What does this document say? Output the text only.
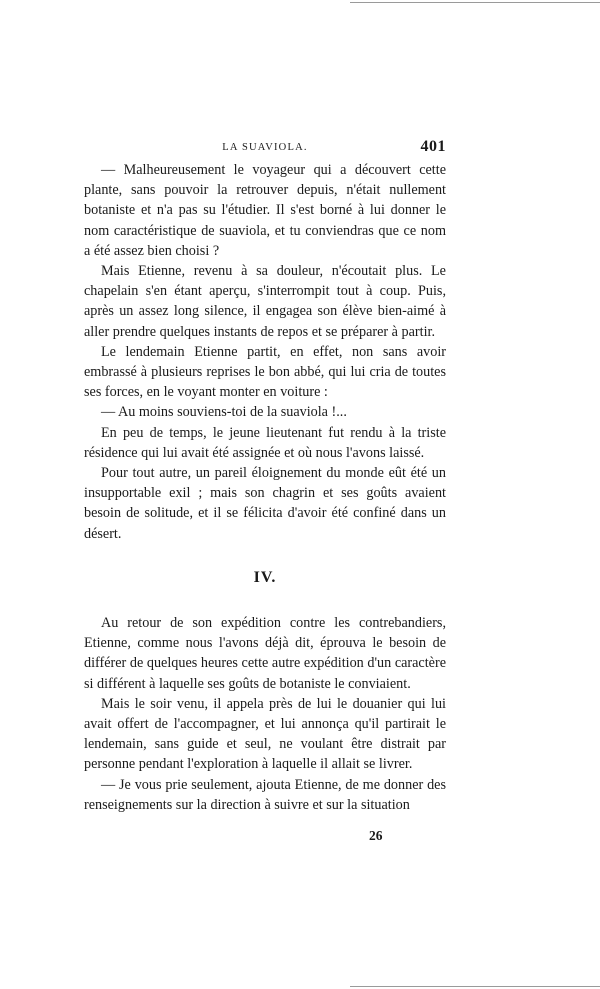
LA SUAVIOLA.	401

— Malheureusement le voyageur qui a découvert cette plante, sans pouvoir la retrouver depuis, n'était nullement botaniste et n'a pas su l'étudier. Il s'est borné à lui donner le nom caractéristique de suaviola, et tu conviendras que ce nom a été assez bien choisi ?

Mais Etienne, revenu à sa douleur, n'écoutait plus. Le chapelain s'en étant aperçu, s'interrompit tout à coup. Puis, après un assez long silence, il engagea son élève bien-aimé à aller prendre quelques instants de repos et se préparer à partir.

Le lendemain Etienne partit, en effet, non sans avoir embrassé à plusieurs reprises le bon abbé, qui lui cria de toutes ses forces, en le voyant monter en voiture :

— Au moins souviens-toi de la suaviola !...

En peu de temps, le jeune lieutenant fut rendu à la triste résidence qui lui avait été assignée et où nous l'avons laissé.

Pour tout autre, un pareil éloignement du monde eût été un insupportable exil ; mais son chagrin et ses goûts avaient besoin de solitude, et il se félicita d'avoir été confiné dans un désert.

IV.

Au retour de son expédition contre les contrebandiers, Etienne, comme nous l'avons déjà dit, éprouva le besoin de différer de quelques heures cette autre expédition d'un caractère si différent à laquelle ses goûts de botaniste le conviaient.

Mais le soir venu, il appela près de lui le douanier qui lui avait offert de l'accompagner, et lui annonça qu'il partirait le lendemain, sans guide et seul, ne voulant être distrait par personne pendant l'exploration à laquelle il allait se livrer.

— Je vous prie seulement, ajouta Etienne, de me donner des renseignements sur la direction à suivre et sur la situation

26
